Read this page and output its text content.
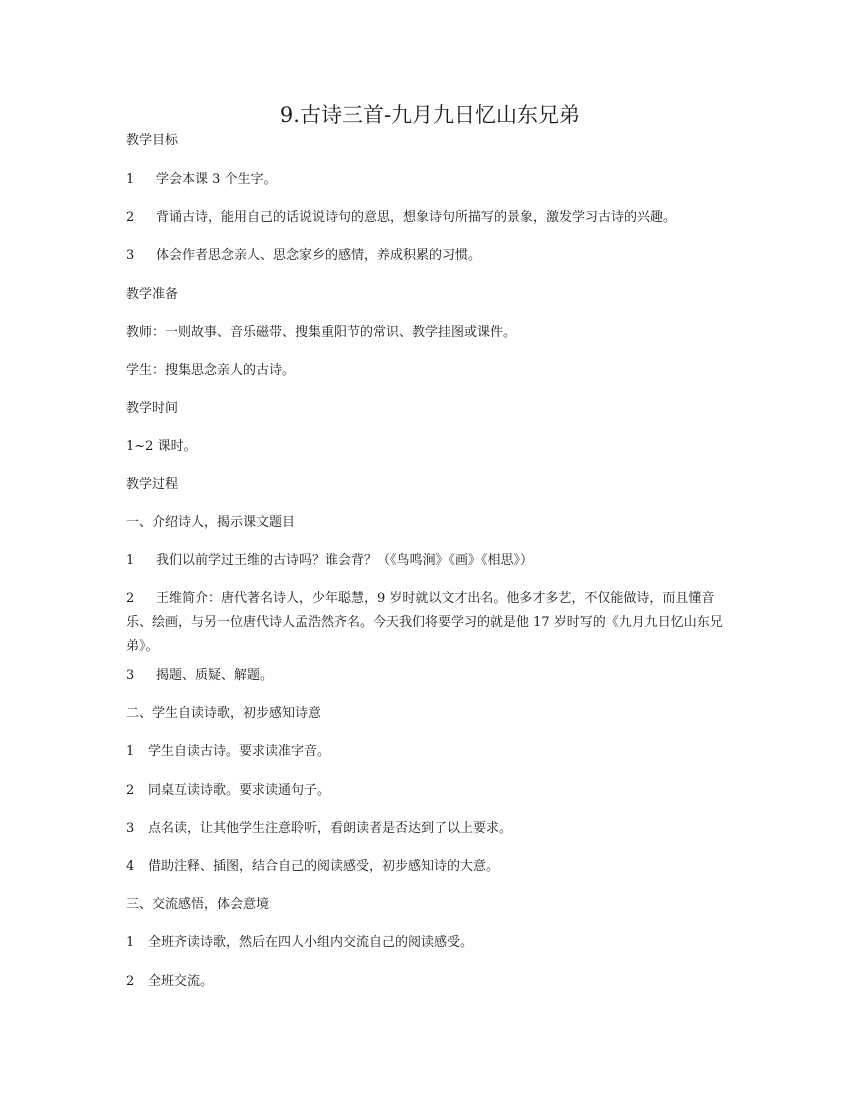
9.古诗三首-九月九日忆山东兄弟
教学目标
1 学会本课 3 个生字。
2 背诵古诗，能用自己的话说说诗句的意思，想象诗句所描写的景象，激发学习古诗的兴趣。
3 体会作者思念亲人、思念家乡的感情，养成积累的习惯。
教学准备
教师：一则故事、音乐磁带、搜集重阳节的常识、教学挂图或课件。
学生：搜集思念亲人的古诗。
教学时间
1~2 课时。
教学过程
一、介绍诗人，揭示课文题目
1 我们以前学过王维的古诗吗？谁会背？（《鸟鸣涧》《画》《相思》）
2 王维简介：唐代著名诗人，少年聪慧，9 岁时就以文才出名。他多才多艺，不仅能做诗，而且懂音乐、绘画，与另一位唐代诗人孟浩然齐名。今天我们将要学习的就是他 17 岁时写的《九月九日忆山东兄弟》。
3 揭题、质疑、解题。
二、学生自读诗歌，初步感知诗意
1 学生自读古诗。要求读准字音。
2 同桌互读诗歌。要求读通句子。
3 点名读，让其他学生注意聆听，看朗读者是否达到了以上要求。
4 借助注释、插图，结合自己的阅读感受，初步感知诗的大意。
三、交流感悟，体会意境
1 全班齐读诗歌，然后在四人小组内交流自己的阅读感受。
2 全班交流。
